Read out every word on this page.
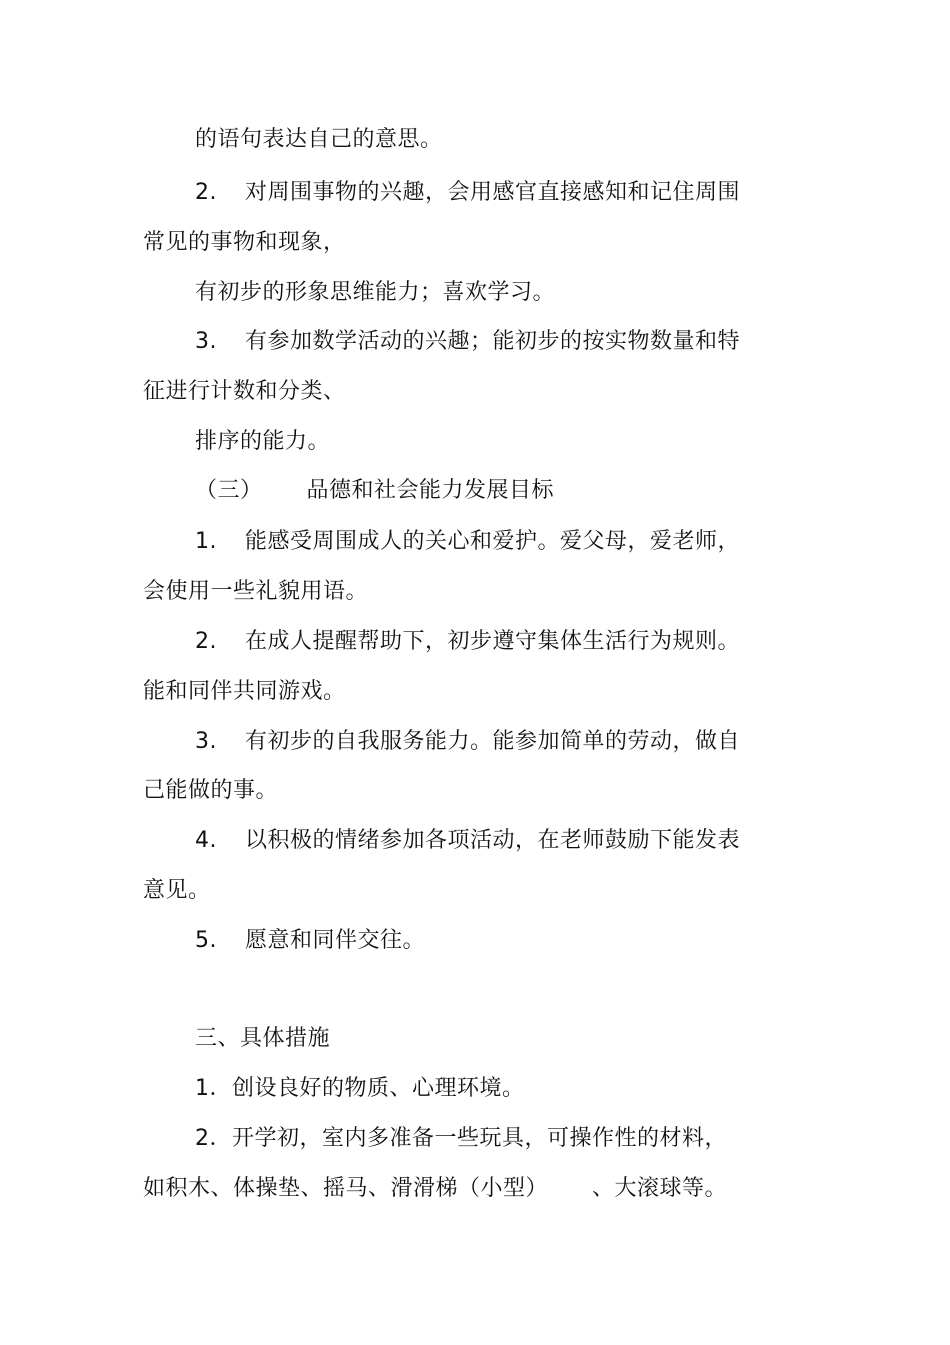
的语句表达自己的意思。
2. 对周围事物的兴趣，会用感官直接感知和记住周围
常见的事物和现象，
有初步的形象思维能力；喜欢学习。
3. 有参加数学活动的兴趣；能初步的按实物数量和特
征进行计数和分类、
排序的能力。
（三） 品德和社会能力发展目标
1. 能感受周围成人的关心和爱护。爱父母，爱老师，
会使用一些礼貌用语。
2. 在成人提醒帮助下，初步遵守集体生活行为规则。
能和同伴共同游戏。
3. 有初步的自我服务能力。能参加简单的劳动，做自
己能做的事。
4. 以积极的情绪参加各项活动，在老师鼓励下能发表
意见。
5. 愿意和同伴交往。
三、具体措施
1．创设良好的物质、心理环境。
2．开学初，室内多准备一些玩具，可操作性的材料，
如积木、体操垫、摇马、滑滑梯（小型） 、大滚球等。
